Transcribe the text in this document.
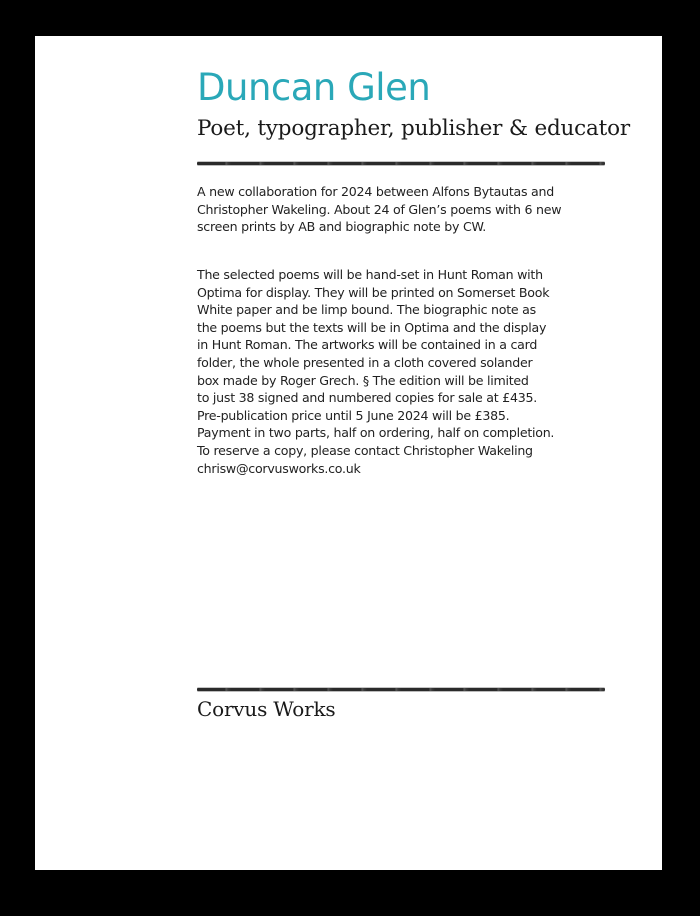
Duncan Glen
Poet, typographer, publisher & educator
A new collaboration for 2024 between Alfons Bytautas and
Christopher Wakeling. About 24 of Glen’s poems with 6 new
screen prints by AB and biographic note by CW.
The selected poems will be hand-set in Hunt Roman with
Optima for display. They will be printed on Somerset Book
White paper and be limp bound. The biographic note as
the poems but the texts will be in Optima and the display
in Hunt Roman. The artworks will be contained in a card
folder, the whole presented in a cloth covered solander
box made by Roger Grech. § The edition will be limited
to just 38 signed and numbered copies for sale at £435.
Pre-publication price until 5 June 2024 will be £385.
Payment in two parts, half on ordering, half on completion.
To reserve a copy, please contact Christopher Wakeling
chrisw@corvusworks.co.uk
Corvus Works
